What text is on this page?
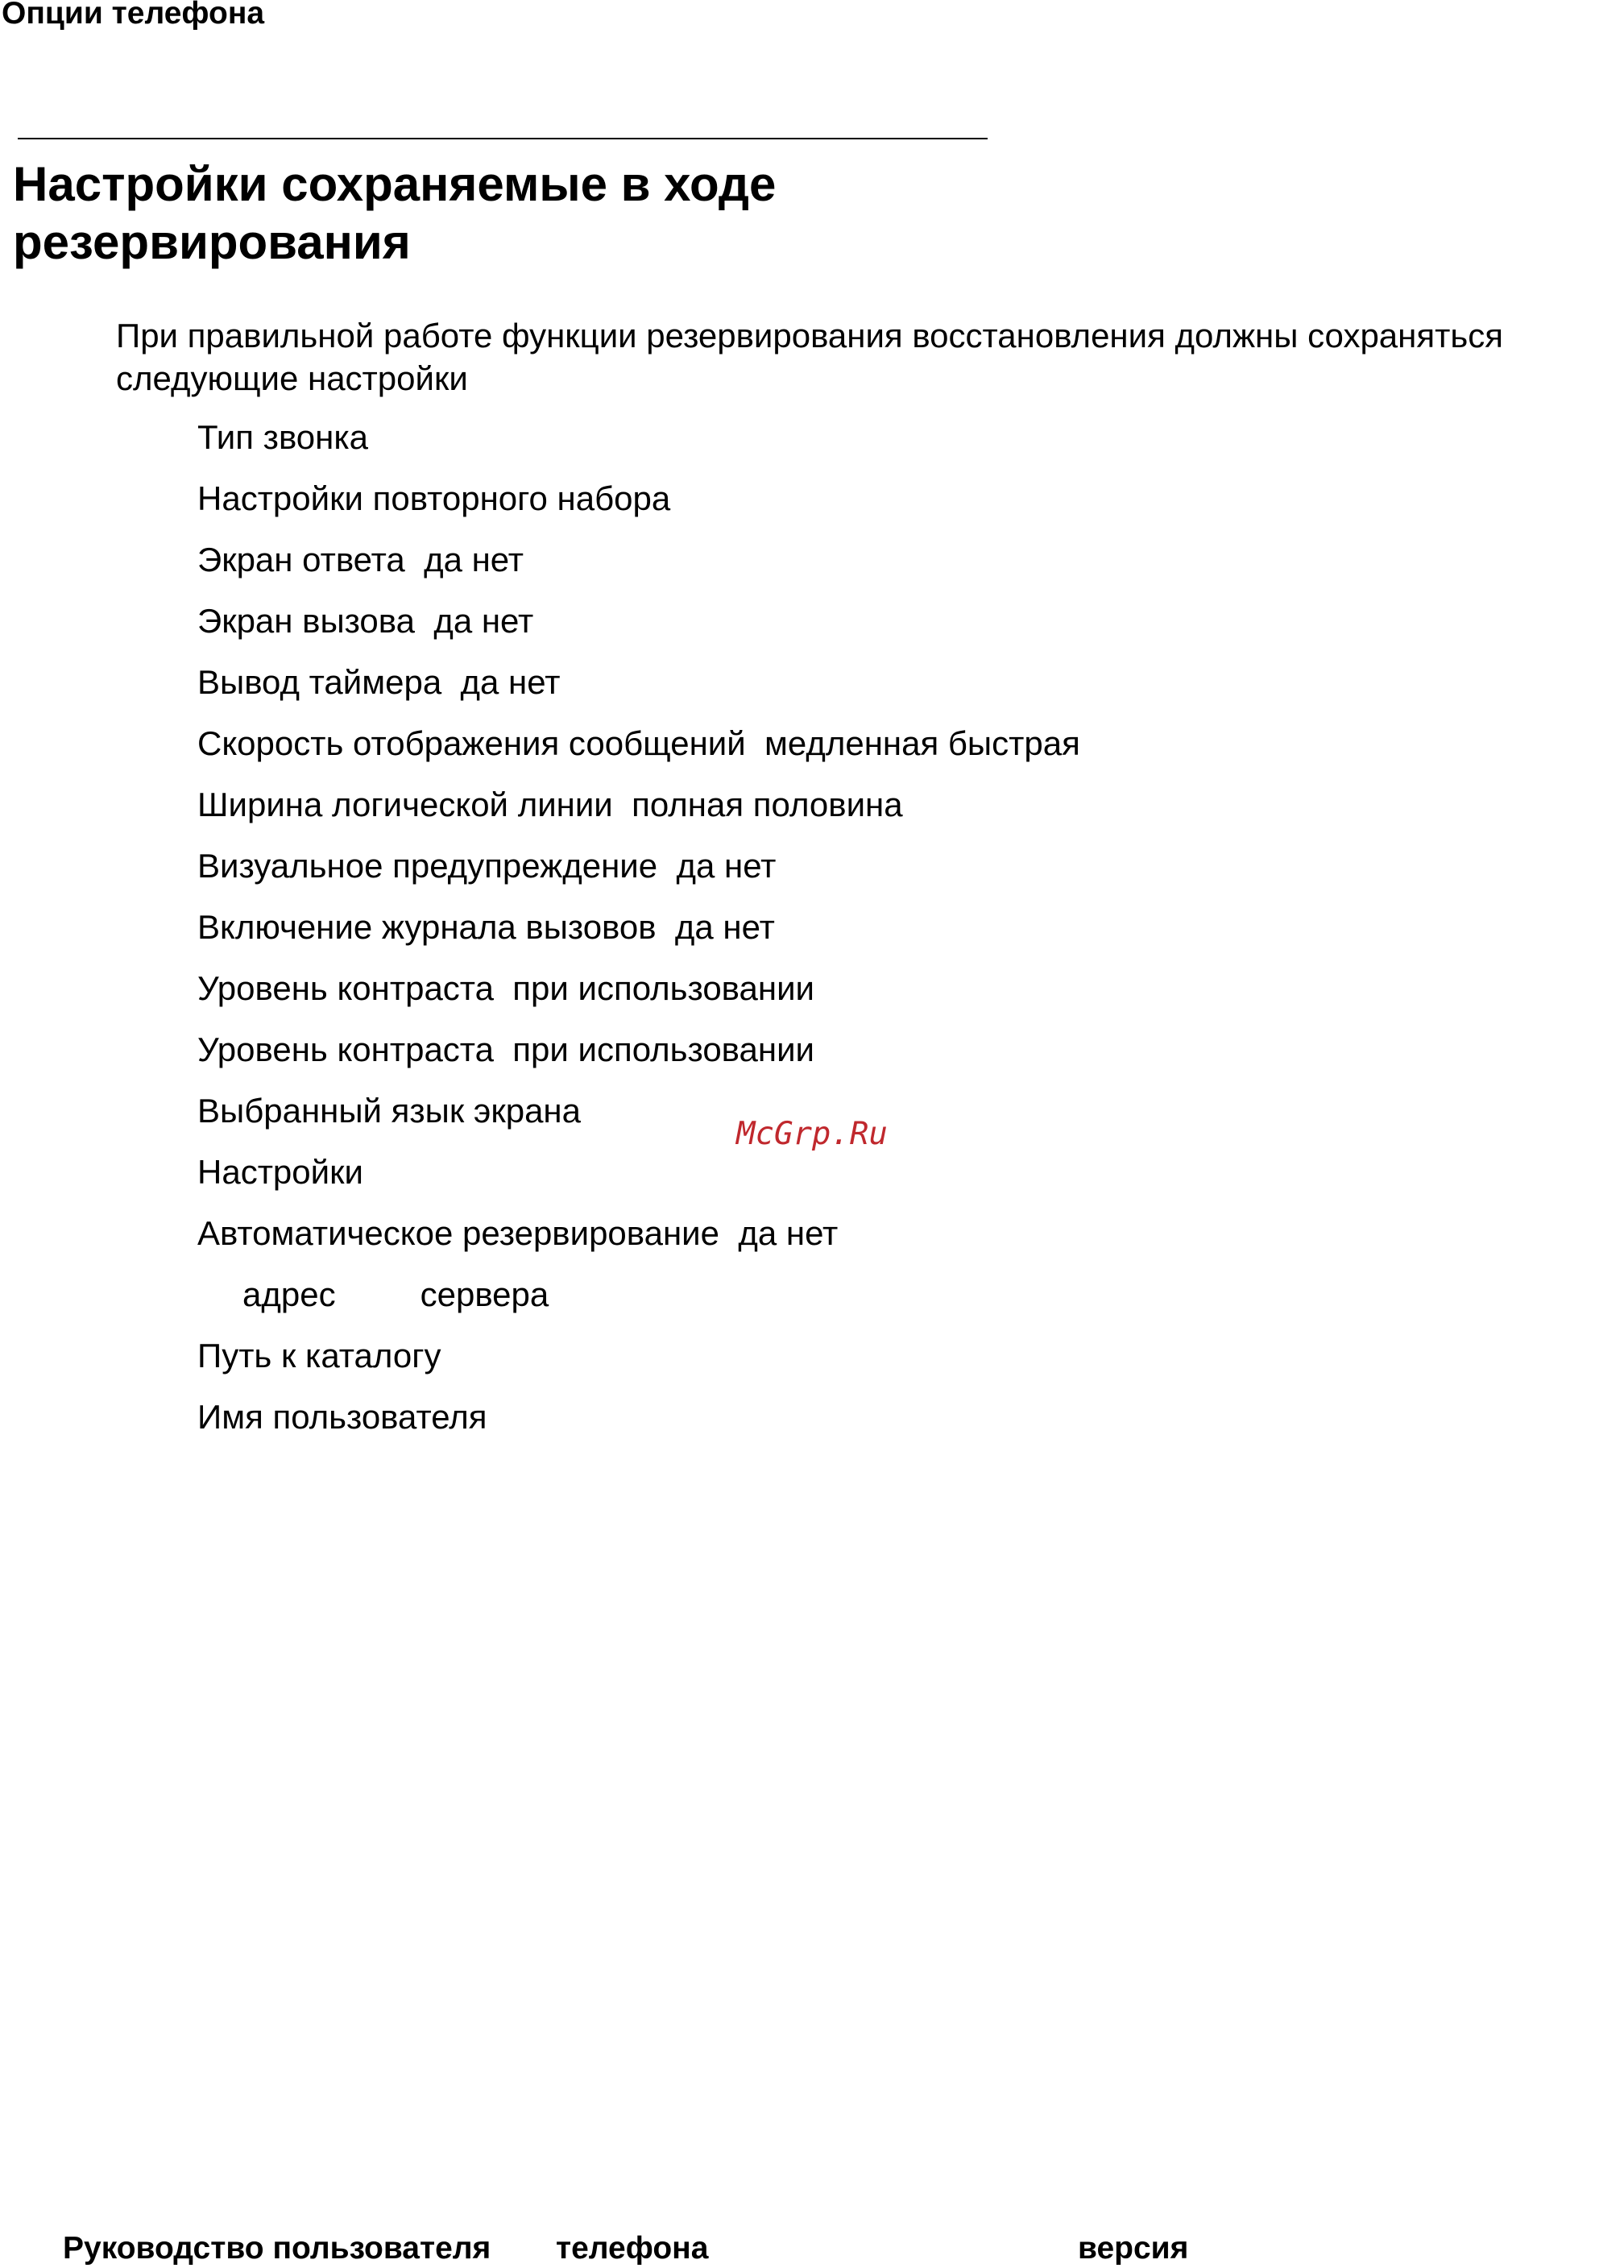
Опции телефона
Настройки сохраняемые в ходе резервирования

При правильной работе функции резервирования восстановления должны сохраняться следующие настройки

Тип звонка
Настройки повторного набора
Экран ответа  да нет
Экран вызова  да нет
Вывод таймера  да нет
Скорость отображения сообщений  медленная быстрая
Ширина логической линии  полная половина
Визуальное предупреждение  да нет
Включение журнала вызовов  да нет
Уровень контраста  при использовании
Уровень контраста  при использовании
Выбранный язык экрана
Настройки
Автоматическое резервирование  да нет
адрес         сервера
Путь к каталогу
Имя пользователя
McGrp.Ru
Руководство пользователя телефона	версия
